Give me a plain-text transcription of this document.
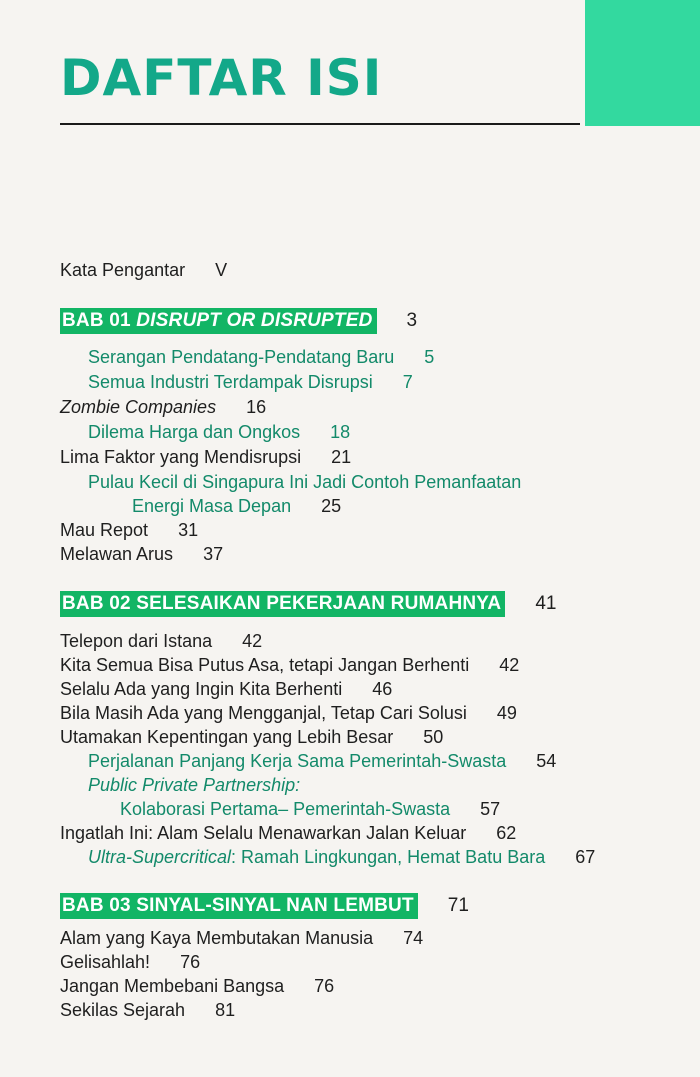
DAFTAR ISI
Kata Pengantar V
BAB 01 DISRUPT OR DISRUPTED 3
Serangan Pendatang-Pendatang Baru 5
Semua Industri Terdampak Disrupsi 7
Zombie Companies 16
Dilema Harga dan Ongkos 18
Lima Faktor yang Mendisrupsi 21
Pulau Kecil di Singapura Ini Jadi Contoh Pemanfaatan
Energi Masa Depan 25
Mau Repot 31
Melawan Arus 37
BAB 02 SELESAIKAN PEKERJAAN RUMAHNYA 41
Telepon dari Istana 42
Kita Semua Bisa Putus Asa, tetapi Jangan Berhenti 42
Selalu Ada yang Ingin Kita Berhenti 46
Bila Masih Ada yang Mengganjal, Tetap Cari Solusi 49
Utamakan Kepentingan yang Lebih Besar 50
Perjalanan Panjang Kerja Sama Pemerintah-Swasta 54
Public Private Partnership:
Kolaborasi Pertama– Pemerintah-Swasta 57
Ingatlah Ini: Alam Selalu Menawarkan Jalan Keluar 62
Ultra-Supercritical: Ramah Lingkungan, Hemat Batu Bara 67
BAB 03 SINYAL-SINYAL NAN LEMBUT 71
Alam yang Kaya Membutakan Manusia 74
Gelisahlah! 76
Jangan Membebani Bangsa 76
Sekilas Sejarah 81
